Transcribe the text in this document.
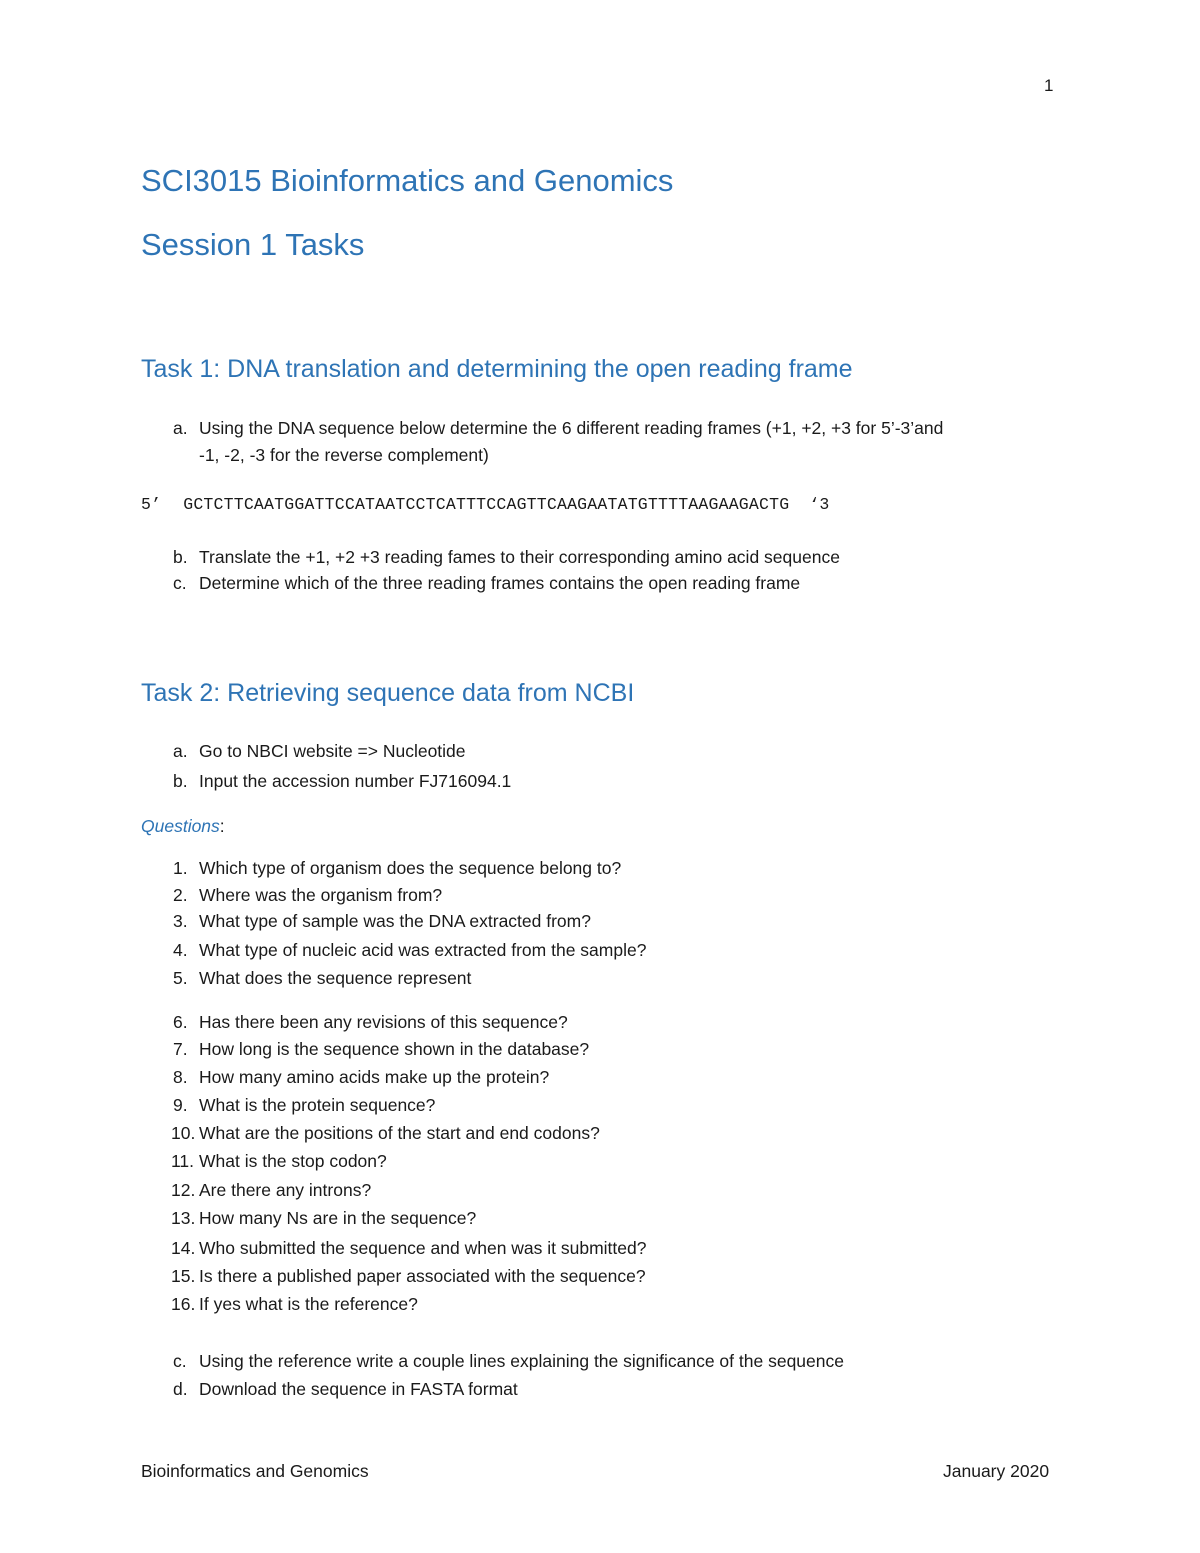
1
SCI3015 Bioinformatics and Genomics
Session 1 Tasks
Task 1: DNA translation and determining the open reading frame
a. Using the DNA sequence below determine the 6 different reading frames (+1, +2, +3 for 5’-3’and
-1, -2, -3 for the reverse complement)
5’ GCTCTTCAATGGATTCCATAATCCTCATTTCCAGTTCAAGAATATGTTTTAAGAAGACTG ‘3
b. Translate the +1, +2 +3 reading fames to their corresponding amino acid sequence
c. Determine which of the three reading frames contains the open reading frame
Task 2: Retrieving sequence data from NCBI
a. Go to NBCI website => Nucleotide
b. Input the accession number FJ716094.1
Questions:
1. Which type of organism does the sequence belong to?
2. Where was the organism from?
3. What type of sample was the DNA extracted from?
4. What type of nucleic acid was extracted from the sample?
5. What does the sequence represent
6. Has there been any revisions of this sequence?
7. How long is the sequence shown in the database?
8. How many amino acids make up the protein?
9. What is the protein sequence?
10. What are the positions of the start and end codons?
11. What is the stop codon?
12. Are there any introns?
13. How many Ns are in the sequence?
14. Who submitted the sequence and when was it submitted?
15. Is there a published paper associated with the sequence?
16. If yes what is the reference?
c. Using the reference write a couple lines explaining the significance of the sequence
d. Download the sequence in FASTA format
Bioinformatics and Genomics	January 2020
